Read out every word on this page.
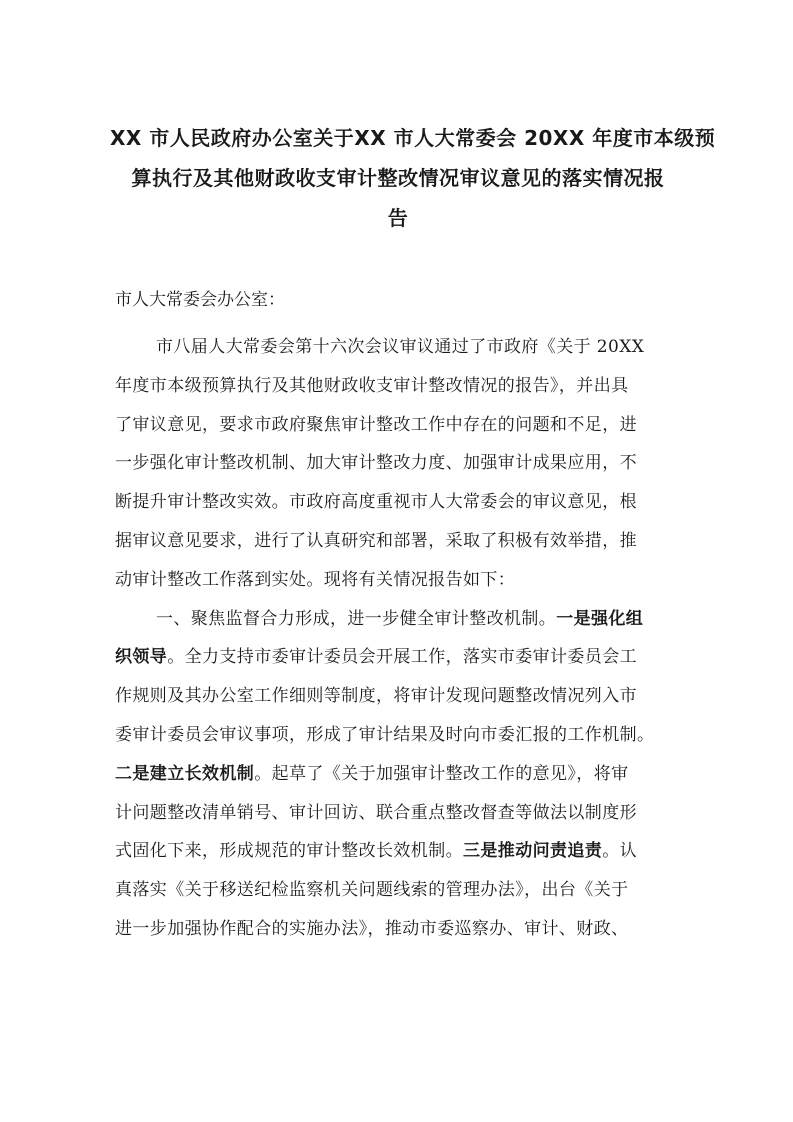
XX 市人民政府办公室关于XX 市人大常委会 20XX 年度市本级预
算执行及其他财政收支审计整改情况审议意见的落实情况报
告
市人大常委会办公室：
市八届人大常委会第十六次会议审议通过了市政府《关于 20XX
年度市本级预算执行及其他财政收支审计整改情况的报告》，并出具
了审议意见，要求市政府聚焦审计整改工作中存在的问题和不足，进
一步强化审计整改机制、加大审计整改力度、加强审计成果应用，不
断提升审计整改实效。市政府高度重视市人大常委会的审议意见，根
据审议意见要求，进行了认真研究和部署，采取了积极有效举措，推
动审计整改工作落到实处。现将有关情况报告如下：
一、聚焦监督合力形成，进一步健全审计整改机制。一是强化组
织领导。全力支持市委审计委员会开展工作，落实市委审计委员会工
作规则及其办公室工作细则等制度，将审计发现问题整改情况列入市
委审计委员会审议事项，形成了审计结果及时向市委汇报的工作机制。
二是建立长效机制。起草了《关于加强审计整改工作的意见》，将审
计问题整改清单销号、审计回访、联合重点整改督查等做法以制度形
式固化下来，形成规范的审计整改长效机制。三是推动问责追责。认
真落实《关于移送纪检监察机关问题线索的管理办法》，出台《关于
进一步加强协作配合的实施办法》，推动市委巡察办、审计、财政、
